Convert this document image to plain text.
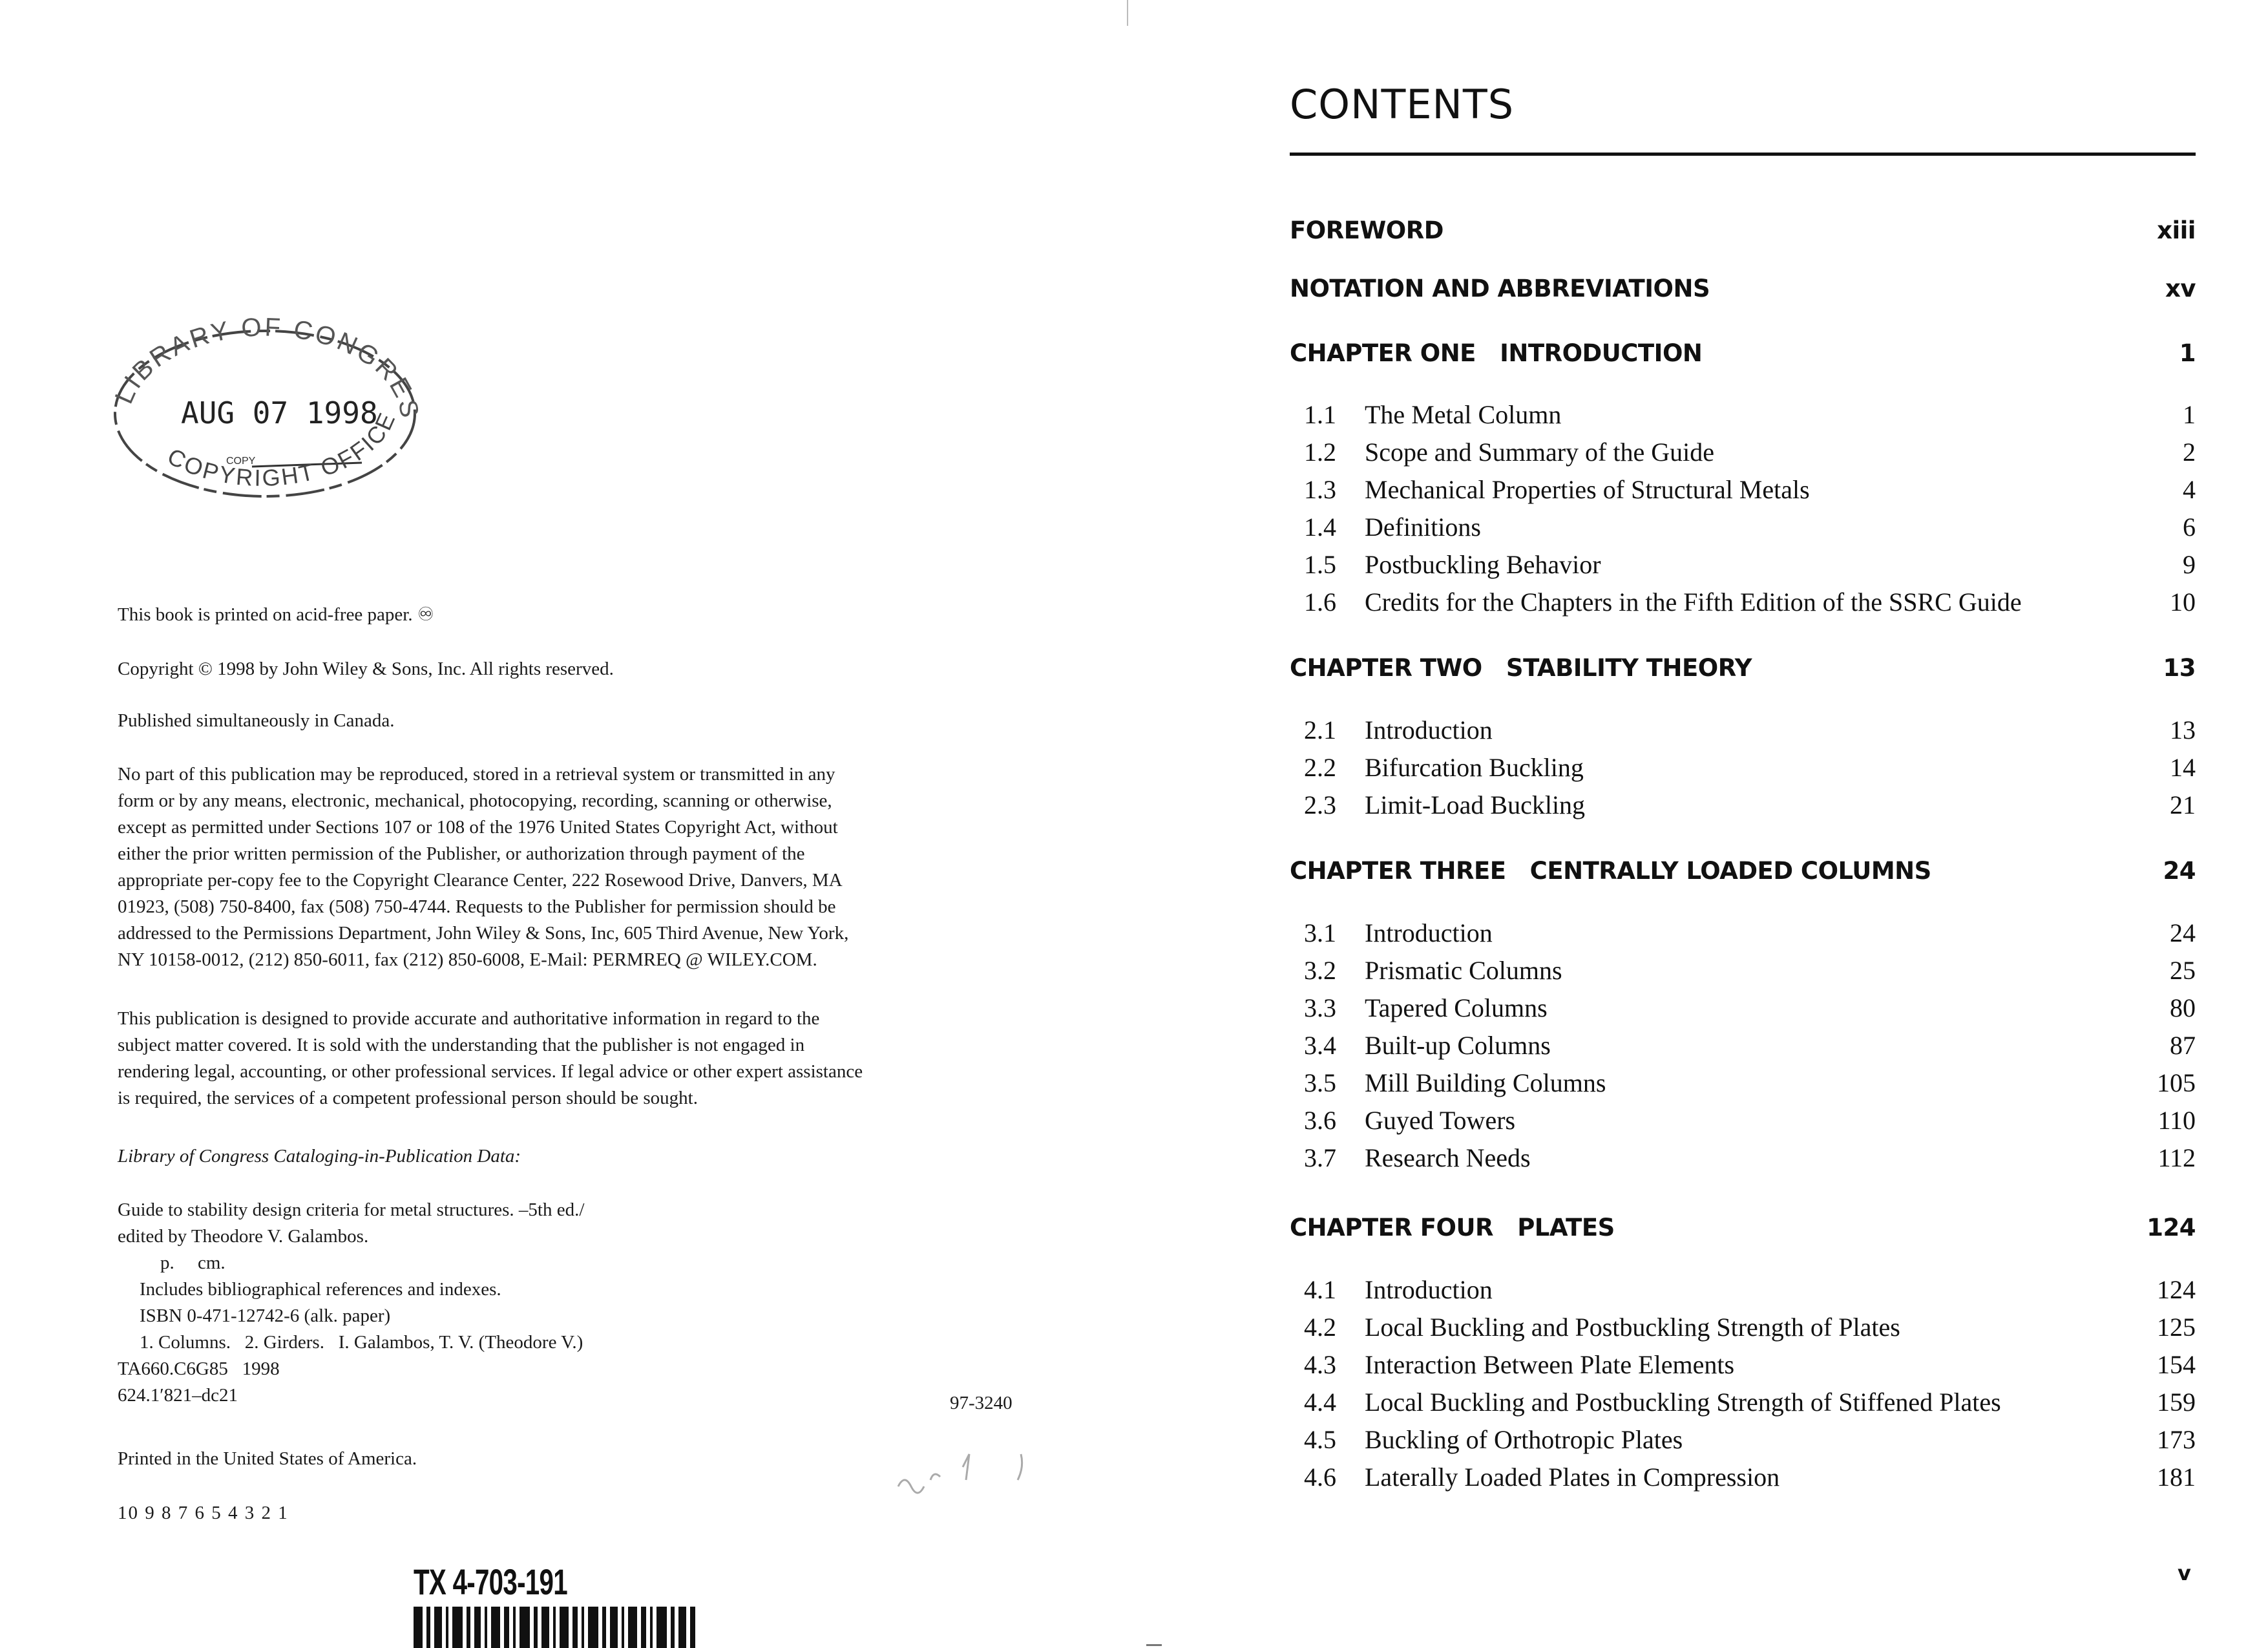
LIBRARY OF CONGRES
AUG 07 1998
COPY
COPYRIGHT OFFICE
This book is printed on acid-free paper. ♾
Copyright © 1998 by John Wiley & Sons, Inc. All rights reserved.
Published simultaneously in Canada.
No part of this publication may be reproduced, stored in a retrieval system or transmitted in any
form or by any means, electronic, mechanical, photocopying, recording, scanning or otherwise,
except as permitted under Sections 107 or 108 of the 1976 United States Copyright Act, without
either the prior written permission of the Publisher, or authorization through payment of the
appropriate per-copy fee to the Copyright Clearance Center, 222 Rosewood Drive, Danvers, MA
01923, (508) 750-8400, fax (508) 750-4744. Requests to the Publisher for permission should be
addressed to the Permissions Department, John Wiley & Sons, Inc, 605 Third Avenue, New York,
NY 10158-0012, (212) 850-6011, fax (212) 850-6008, E-Mail: PERMREQ @ WILEY.COM.
This publication is designed to provide accurate and authoritative information in regard to the
subject matter covered. It is sold with the understanding that the publisher is not engaged in
rendering legal, accounting, or other professional services. If legal advice or other expert assistance
is required, the services of a competent professional person should be sought.
Library of Congress Cataloging-in-Publication Data:
Guide to stability design criteria for metal structures. –5th ed./
edited by Theodore V. Galambos.
p.     cm.
Includes bibliographical references and indexes.
ISBN 0-471-12742-6 (alk. paper)
1. Columns.   2. Girders.   I. Galambos, T. V. (Theodore V.)
TA660.C6G85   1998
624.1′821–dc21	97-3240
Printed in the United States of America.
10 9 8 7 6 5 4 3 2 1
TX 4-703-191
CONTENTS
FOREWORD	xiii
NOTATION AND ABBREVIATIONS	xv
CHAPTER ONE INTRODUCTION	1
1.1 The Metal Column	1
1.2 Scope and Summary of the Guide	2
1.3 Mechanical Properties of Structural Metals	4
1.4 Definitions	6
1.5 Postbuckling Behavior	9
1.6 Credits for the Chapters in the Fifth Edition of the SSRC Guide	10
CHAPTER TWO STABILITY THEORY	13
2.1 Introduction	13
2.2 Bifurcation Buckling	14
2.3 Limit-Load Buckling	21
CHAPTER THREE CENTRALLY LOADED COLUMNS	24
3.1 Introduction	24
3.2 Prismatic Columns	25
3.3 Tapered Columns	80
3.4 Built-up Columns	87
3.5 Mill Building Columns	105
3.6 Guyed Towers	110
3.7 Research Needs	112
CHAPTER FOUR PLATES	124
4.1 Introduction	124
4.2 Local Buckling and Postbuckling Strength of Plates	125
4.3 Interaction Between Plate Elements	154
4.4 Local Buckling and Postbuckling Strength of Stiffened Plates	159
4.5 Buckling of Orthotropic Plates	173
4.6 Laterally Loaded Plates in Compression	181
v
